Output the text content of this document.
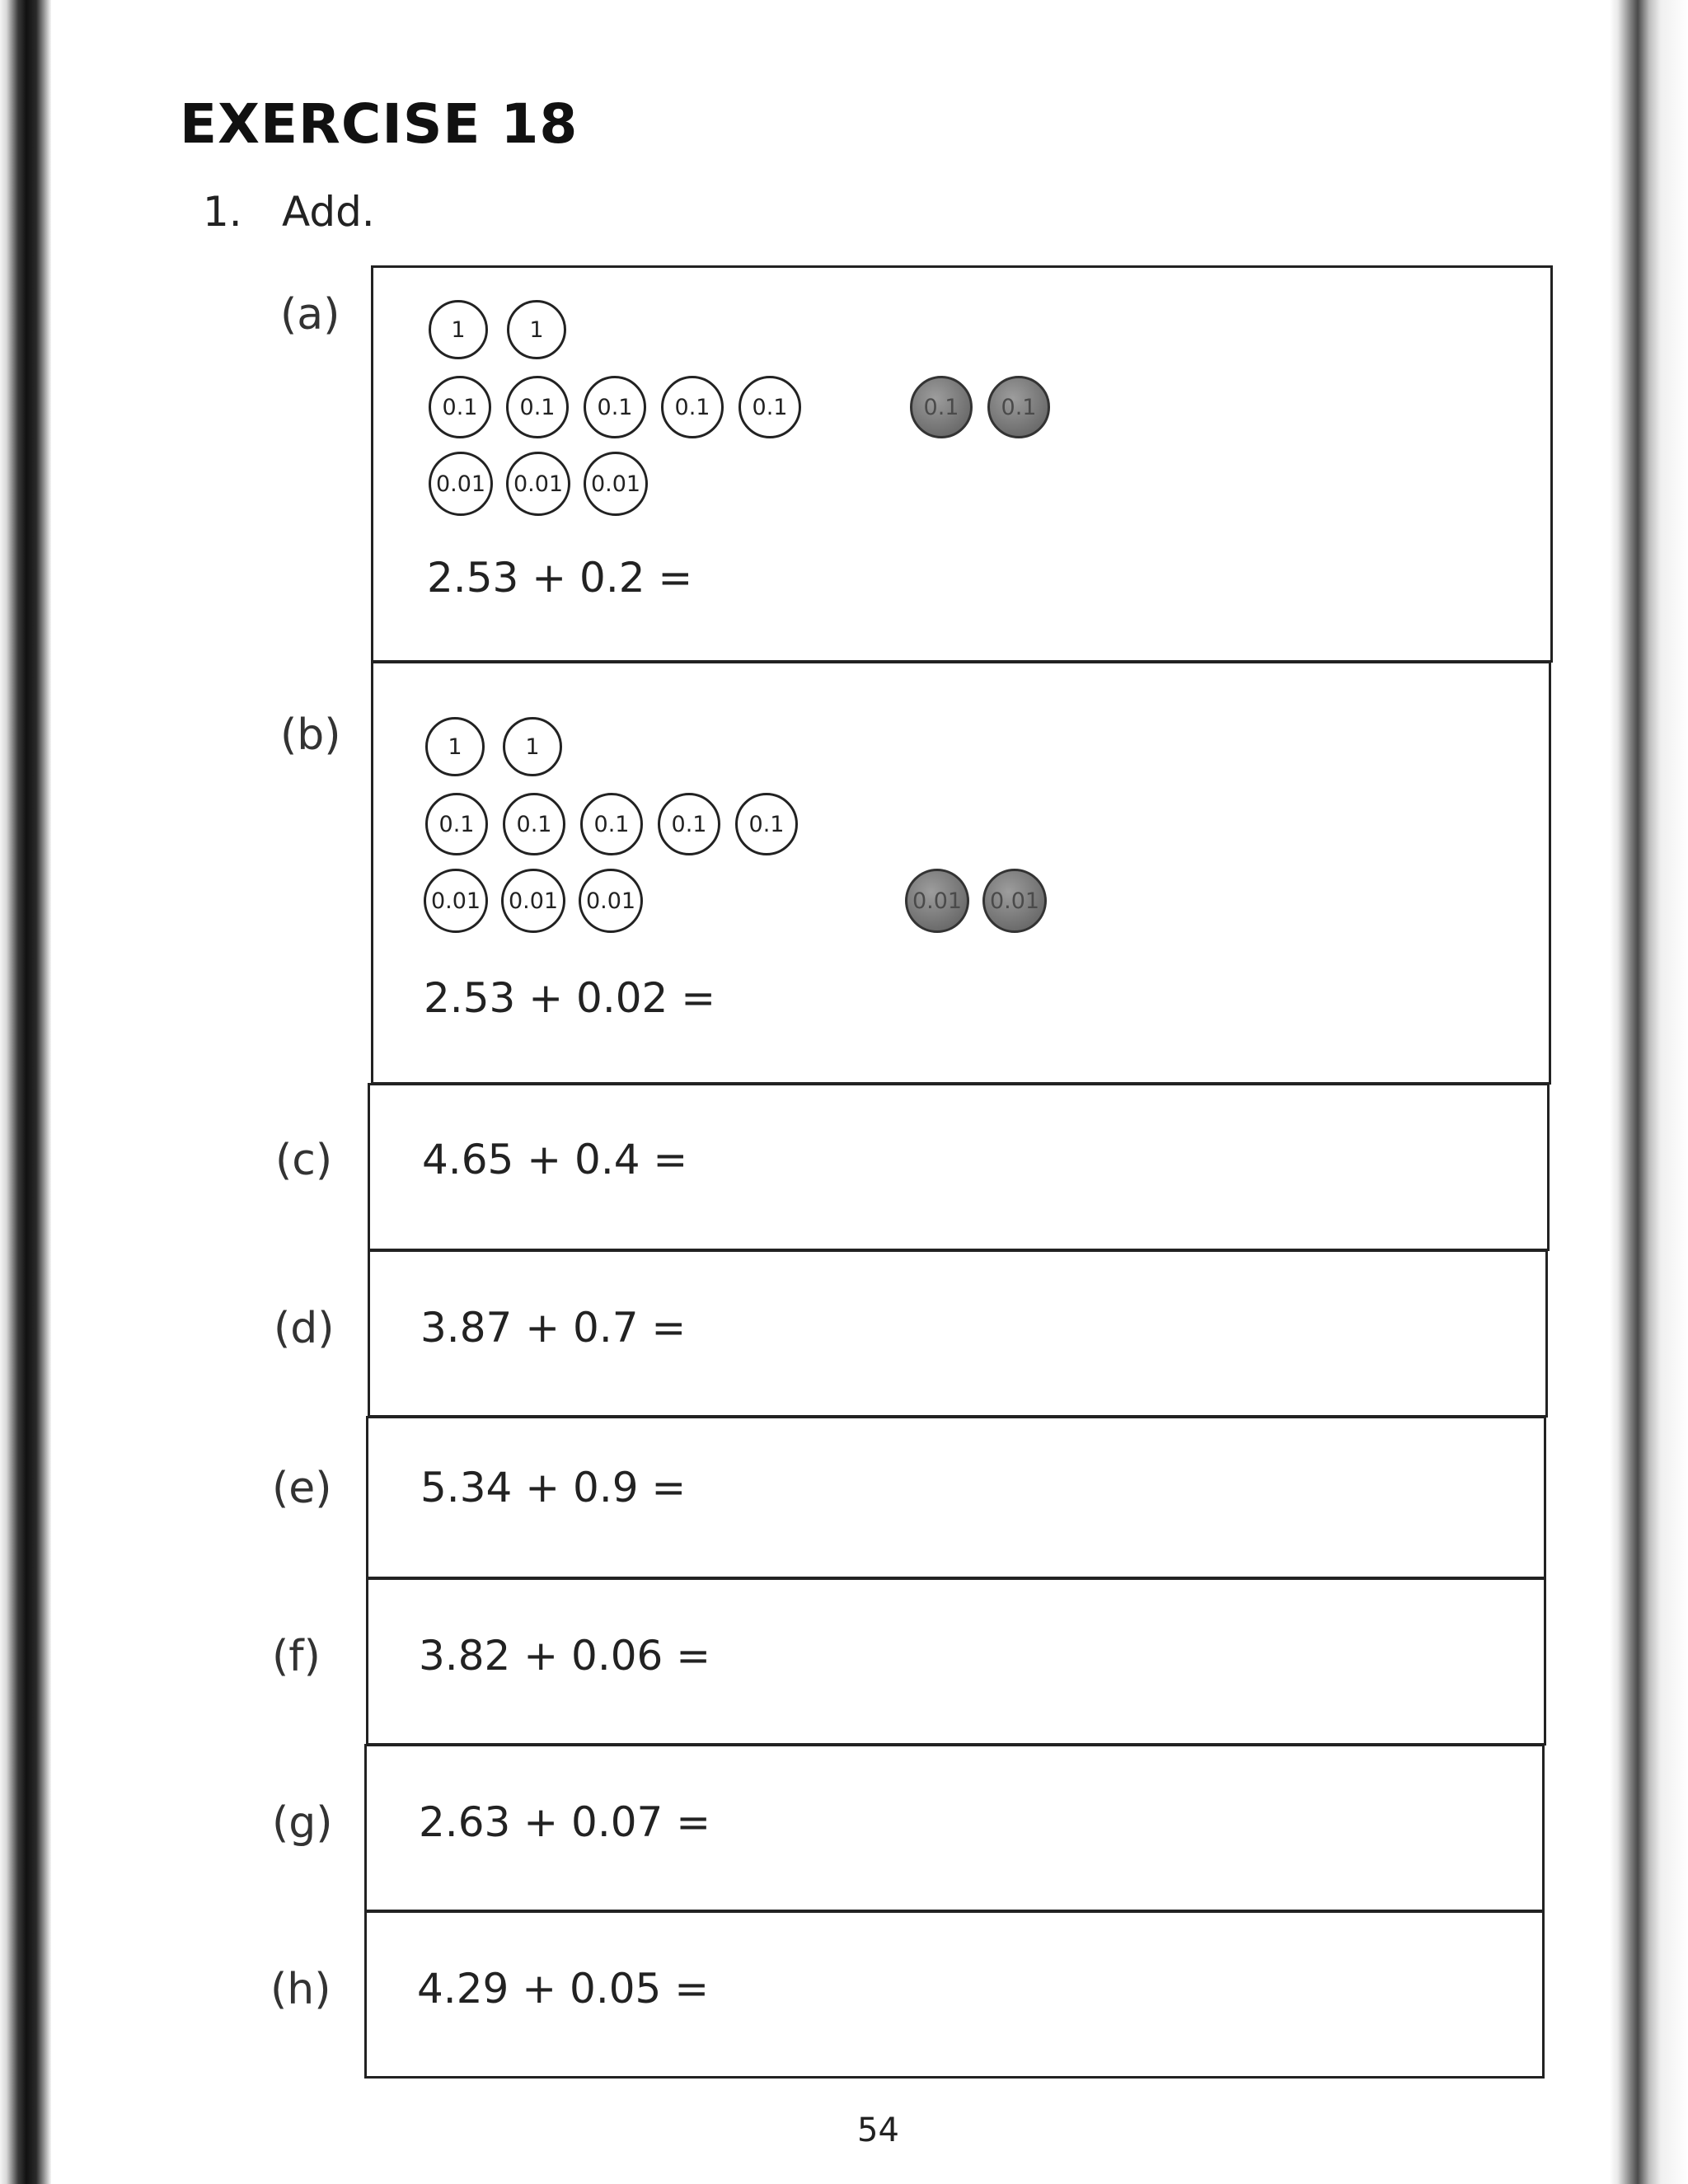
EXERCISE 18
1. Add.
(a)	1	1
0.1	0.1	0.1	0.1	0.1	0.1	0.1
0.01	0.01	0.01
2.53 + 0.2 =
(b)	1	1
0.1	0.1	0.1	0.1	0.1
0.01	0.01	0.01	0.01	0.01
2.53 + 0.02 =
(c) 4.65 + 0.4 =
(d) 3.87 + 0.7 =
(e) 5.34 + 0.9 =
(f) 3.82 + 0.06 =
(g) 2.63 + 0.07 =
(h) 4.29 + 0.05 =
54
